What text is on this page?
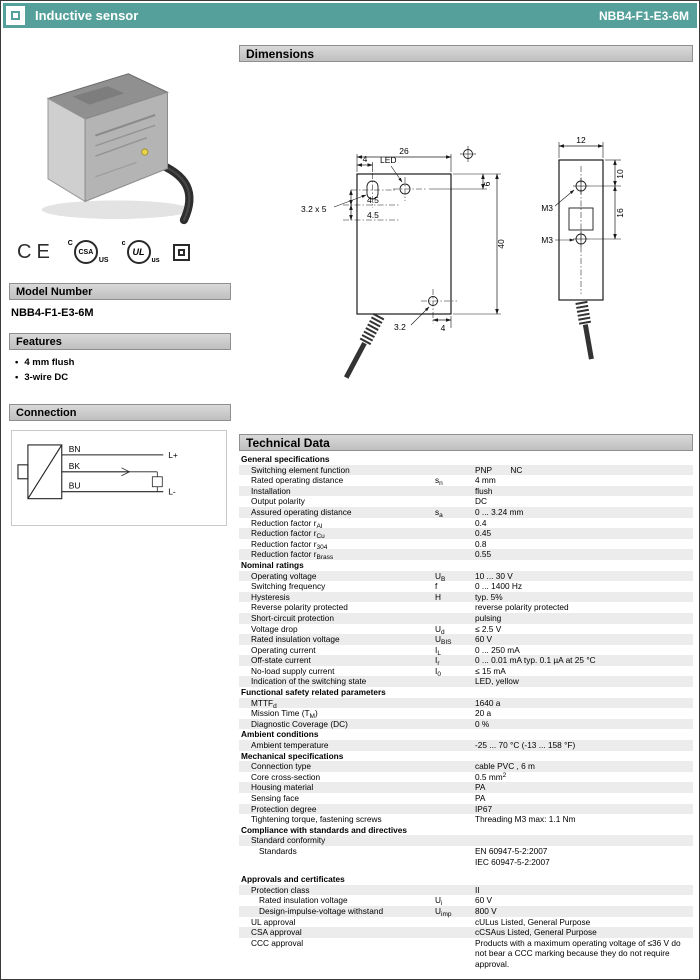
Inductive sensor	NBB4-F1-E3-6M
CE C
CSA
US
c
UL
us
Model Number
NBB4-F1-E3-6M
Features
• 4 mm flush
• 3-wire DC
Connection
BN
BK
BU
L+
L-
Dimensions
26
4 LED
3.2 x 5
4.5
4.5
6
40
3.2	4
12
10
16
M3
M3
Technical Data
General specifications
Switching element function	PNP        NC
Rated operating distance	$s_n$	4 mm
Installation	flush
Output polarity	DC
Assured operating distance	$s_a$	0 ... 3.24 mm
Reduction factor $r_{Al}$	0.4
Reduction factor $r_{Cu}$	0.45
Reduction factor $r_{304}$	0.8
Reduction factor $r_{Brass}$	0.55
Nominal ratings
Operating voltage	$U_B$	10 ... 30 V
Switching frequency	f	0 ... 1400 Hz
Hysteresis	H	typ. 5%
Reverse polarity protected	reverse polarity protected
Short-circuit protection	pulsing
Voltage drop	$U_d$	≤ 2.5 V
Rated insulation voltage	$U_{BIS}$	60 V
Operating current	$I_L$	0 ... 250 mA
Off-state current	$I_r$	0 ... 0.01 mA typ. 0.1 µA at 25 °C
No-load supply current	$I_0$	≤ 15 mA
Indication of the switching state	LED, yellow
Functional safety related parameters
$MTTF_d$	1640 a
Mission Time $(T_M)$	20 a
Diagnostic Coverage (DC)	0 %
Ambient conditions
Ambient temperature	-25 ... 70 °C (-13 ... 158 °F)
Mechanical specifications
Connection type	cable PVC , 6 m
Core cross-section	0.5 $mm^2$
Housing material	PA
Sensing face	PA
Protection degree	IP67
Tightening torque, fastening screws	Threading M3 max: 1.1 Nm
Compliance with standards and directives
Standard conformity
Standards	EN 60947-5-2:2007
IEC 60947-5-2:2007
Approvals and certificates
Protection class	II
Rated insulation voltage	$U_i$	60 V
Design-impulse-voltage withstand	$U_{imp}$	800 V
UL approval	cULus Listed, General Purpose
CSA approval	cCSAus Listed, General Purpose
CCC approval	Products with a maximum operating voltage of ≤36 V do not bear a CCC marking because they do not require approval.
